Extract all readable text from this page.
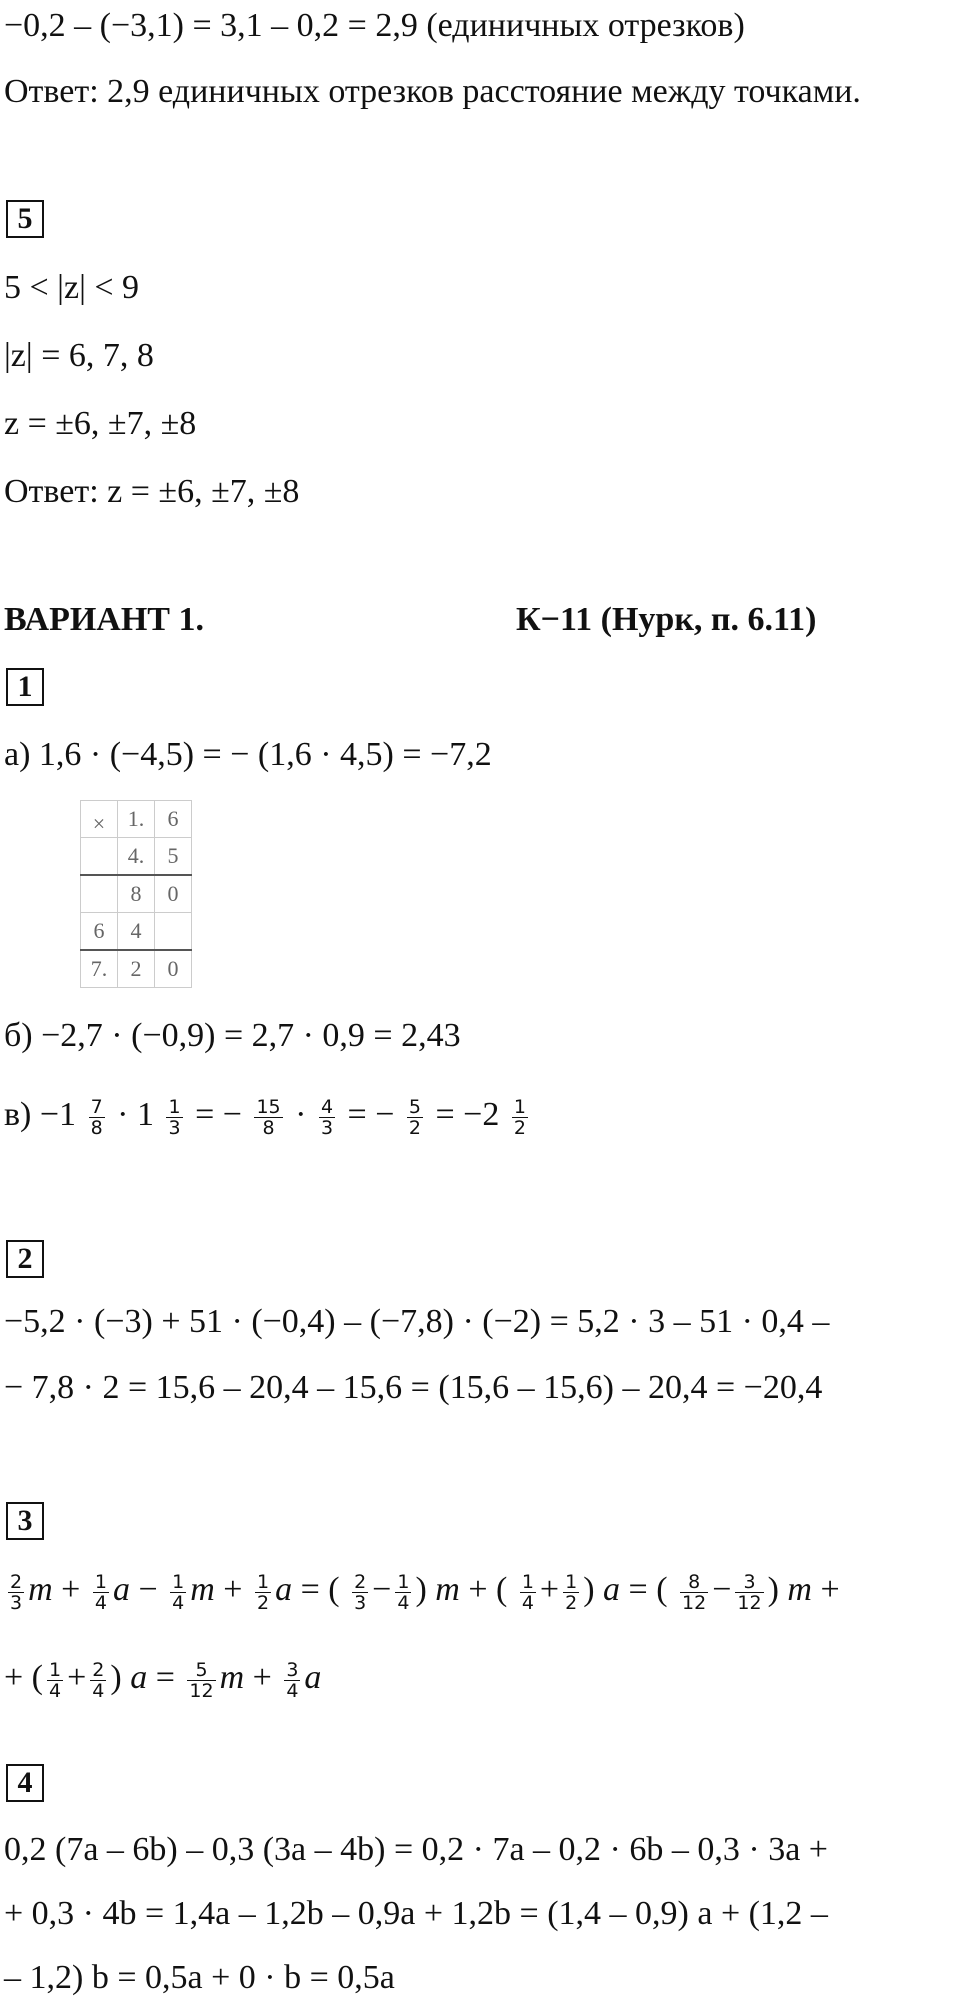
−0,2 – (−3,1) = 3,1 – 0,2 = 2,9 (единичных отрезков)
Ответ: 2,9 единичных отрезков расстояние между точками.
5
5 < |z| < 9
|z| = 6, 7, 8
z = ±6, ±7, ±8
Ответ: z = ±6, ±7, ±8
ВАРИАНТ 1.	К−11 (Нурк, п. 6.11)
1
а) 1,6 · (−4,5) = − (1,6 · 4,5) = −7,2
×	1.	6
	4.	5
	8	0
6	4	
7.	2	0
б) −2,7 · (−0,9) = 2,7 · 0,9 = 2,43
$в) -1 \frac{7}{8} \cdot 1 \frac{1}{3}$ = − $\frac{15}{8} \cdot \frac{4}{3}$ = − $\frac{5}{2} = -2 \frac{1}{2}$
2
−5,2 · (−3) + 51 · (−0,4) – (−7,8) · (−2) = 5,2 · 3 – 51 · 0,4 –
− 7,8 · 2 = 15,6 – 20,4 – 15,6 = (15,6 – 15,6) – 20,4 = −20,4
3
$\frac{2}{3}$ $m + \frac{1}{4}$ $a - \frac{1}{4}$ $m + \frac{1}{2}$ a = ( $\frac{2}{3} - \frac{1}{4}$ ) m + ( $\frac{1}{4} + \frac{1}{2}$ ) a = ( $\frac{8}{12} - \frac{3}{12}$ ) m +
+ ( $\frac{1}{4} + \frac{2}{4}$ ) $a = \frac{5}{12}$ $m + \frac{3}{4}$ a
4
0,2 (7a – 6b) – 0,3 (3a – 4b) = 0,2 · 7a – 0,2 · 6b – 0,3 · 3a +
+ 0,3 · 4b = 1,4a – 1,2b – 0,9a + 1,2b = (1,4 – 0,9) a + (1,2 –
– 1,2) b = 0,5a + 0 · b = 0,5a
